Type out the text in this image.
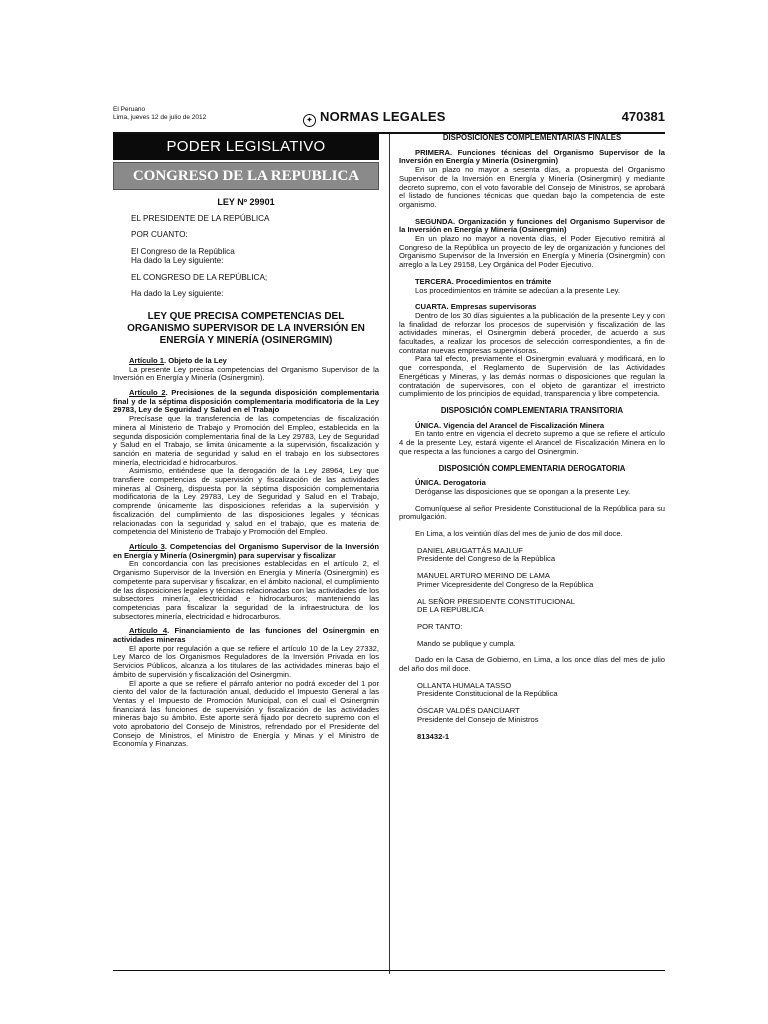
El Peruano
Lima, jueves 12 de julio de 2012	✦ NORMAS LEGALES	470381
PODER LEGISLATIVO
CONGRESO DE LA REPUBLICA
LEY Nº 29901
EL PRESIDENTE DE LA REPÚBLICA
POR CUANTO:
El Congreso de la República
Ha dado la Ley siguiente:
EL CONGRESO DE LA REPÚBLICA;
Ha dado la Ley siguiente:
LEY QUE PRECISA COMPETENCIAS DEL ORGANISMO SUPERVISOR DE LA INVERSIÓN EN ENERGÍA Y MINERÍA (OSINERGMIN)
Artículo 1. Objeto de la Ley
La presente Ley precisa competencias del Organismo Supervisor de la Inversión en Energía y Minería (Osinergmin).
Artículo 2. Precisiones de la segunda disposición complementaria final y de la séptima disposición complementaria modificatoria de la Ley 29783, Ley de Seguridad y Salud en el Trabajo
Precísase que la transferencia de las competencias de fiscalización minera al Ministerio de Trabajo y Promoción del Empleo, establecida en la segunda disposición complementaria final de la Ley 29783, Ley de Seguridad y Salud en el Trabajo, se limita únicamente a la supervisión, fiscalización y sanción en materia de seguridad y salud en el trabajo en los subsectores minería, electricidad e hidrocarburos.
Asimismo, entiéndese que la derogación de la Ley 28964, Ley que transfiere competencias de supervisión y fiscalización de las actividades mineras al Osinerg, dispuesta por la séptima disposición complementaria modificatoria de la Ley 29783, Ley de Seguridad y Salud en el Trabajo, comprende únicamente las disposiciones referidas a la supervisión y fiscalización del cumplimiento de las disposiciones legales y técnicas relacionadas con la seguridad y salud en el trabajo, que es materia de competencia del Ministerio de Trabajo y Promoción del Empleo.
Artículo 3. Competencias del Organismo Supervisor de la Inversión en Energía y Minería (Osinergmin) para supervisar y fiscalizar
En concordancia con las precisiones establecidas en el artículo 2, el Organismo Supervisor de la Inversión en Energía y Minería (Osinergmin) es competente para supervisar y fiscalizar, en el ámbito nacional, el cumplimiento de las disposiciones legales y técnicas relacionadas con las actividades de los subsectores minería, electricidad e hidrocarburos; manteniendo las competencias para fiscalizar la seguridad de la infraestructura de los subsectores minería, electricidad e hidrocarburos.
Artículo 4. Financiamiento de las funciones del Osinergmin en actividades mineras
El aporte por regulación a que se refiere el artículo 10 de la Ley 27332, Ley Marco de los Organismos Reguladores de la Inversión Privada en los Servicios Públicos, alcanza a los titulares de las actividades mineras bajo el ámbito de supervisión y fiscalización del Osinergmin.
El aporte a que se refiere el párrafo anterior no podrá exceder del 1 por ciento del valor de la facturación anual, deducido el Impuesto General a las Ventas y el Impuesto de Promoción Municipal, con el cual el Osinergmin financiará las funciones de supervisión y fiscalización de las actividades mineras bajo su ámbito. Este aporte será fijado por decreto supremo con el voto aprobatorio del Consejo de Ministros, refrendado por el Presidente del Consejo de Ministros, el Ministro de Energía y Minas y el Ministro de Economía y Finanzas.
DISPOSICIONES COMPLEMENTARIAS FINALES
PRIMERA. Funciones técnicas del Organismo Supervisor de la Inversión en Energía y Minería (Osinergmin)
En un plazo no mayor a sesenta días, a propuesta del Organismo Supervisor de la Inversión en Energía y Minería (Osinergmin) y mediante decreto supremo, con el voto favorable del Consejo de Ministros, se aprobará el listado de funciones técnicas que quedan bajo la competencia de este organismo.
SEGUNDA. Organización y funciones del Organismo Supervisor de la Inversión en Energía y Minería (Osinergmin)
En un plazo no mayor a noventa días, el Poder Ejecutivo remitirá al Congreso de la República un proyecto de ley de organización y funciones del Organismo Supervisor de la Inversión en Energía y Minería (Osinergmin) con arreglo a la Ley 29158, Ley Orgánica del Poder Ejecutivo.
TERCERA. Procedimientos en trámite
Los procedimientos en trámite se adecúan a la presente Ley.
CUARTA. Empresas supervisoras
Dentro de los 30 días siguientes a la publicación de la presente Ley y con la finalidad de reforzar los procesos de supervisión y fiscalización de las actividades mineras, el Osinergmin deberá proceder, de acuerdo a sus facultades, a realizar los procesos de selección correspondientes, a fin de contratar nuevas empresas supervisoras.
Para tal efecto, previamente el Osinergmin evaluará y modificará, en lo que corresponda, el Reglamento de Supervisión de las Actividades Energéticas y Mineras, y las demás normas o disposiciones que regulan la contratación de supervisores, con el objeto de garantizar el irrestricto cumplimiento de los principios de equidad, transparencia y libre competencia.
DISPOSICIÓN COMPLEMENTARIA TRANSITORIA
ÚNICA. Vigencia del Arancel de Fiscalización Minera
En tanto entre en vigencia el decreto supremo a que se refiere el artículo 4 de la presente Ley, estará vigente el Arancel de Fiscalización Minera en lo que respecta a las funciones a cargo del Osinergmin.
DISPOSICIÓN COMPLEMENTARIA DEROGATORIA
ÚNICA. Derogatoria
Deróganse las disposiciones que se opongan a la presente Ley.
Comuníquese al señor Presidente Constitucional de la República para su promulgación.
En Lima, a los veintiún días del mes de junio de dos mil doce.
DANIEL ABUGATTÁS MAJLUF
Presidente del Congreso de la República
MANUEL ARTURO MERINO DE LAMA
Primer Vicepresidente del Congreso de la República
AL SEÑOR PRESIDENTE CONSTITUCIONAL
DE LA REPÚBLICA
POR TANTO:
Mando se publique y cumpla.
Dado en la Casa de Gobierno, en Lima, a los once días del mes de julio del año dos mil doce.
OLLANTA HUMALA TASSO
Presidente Constitucional de la República
ÓSCAR VALDÉS DANCUART
Presidente del Consejo de Ministros
813432-1
